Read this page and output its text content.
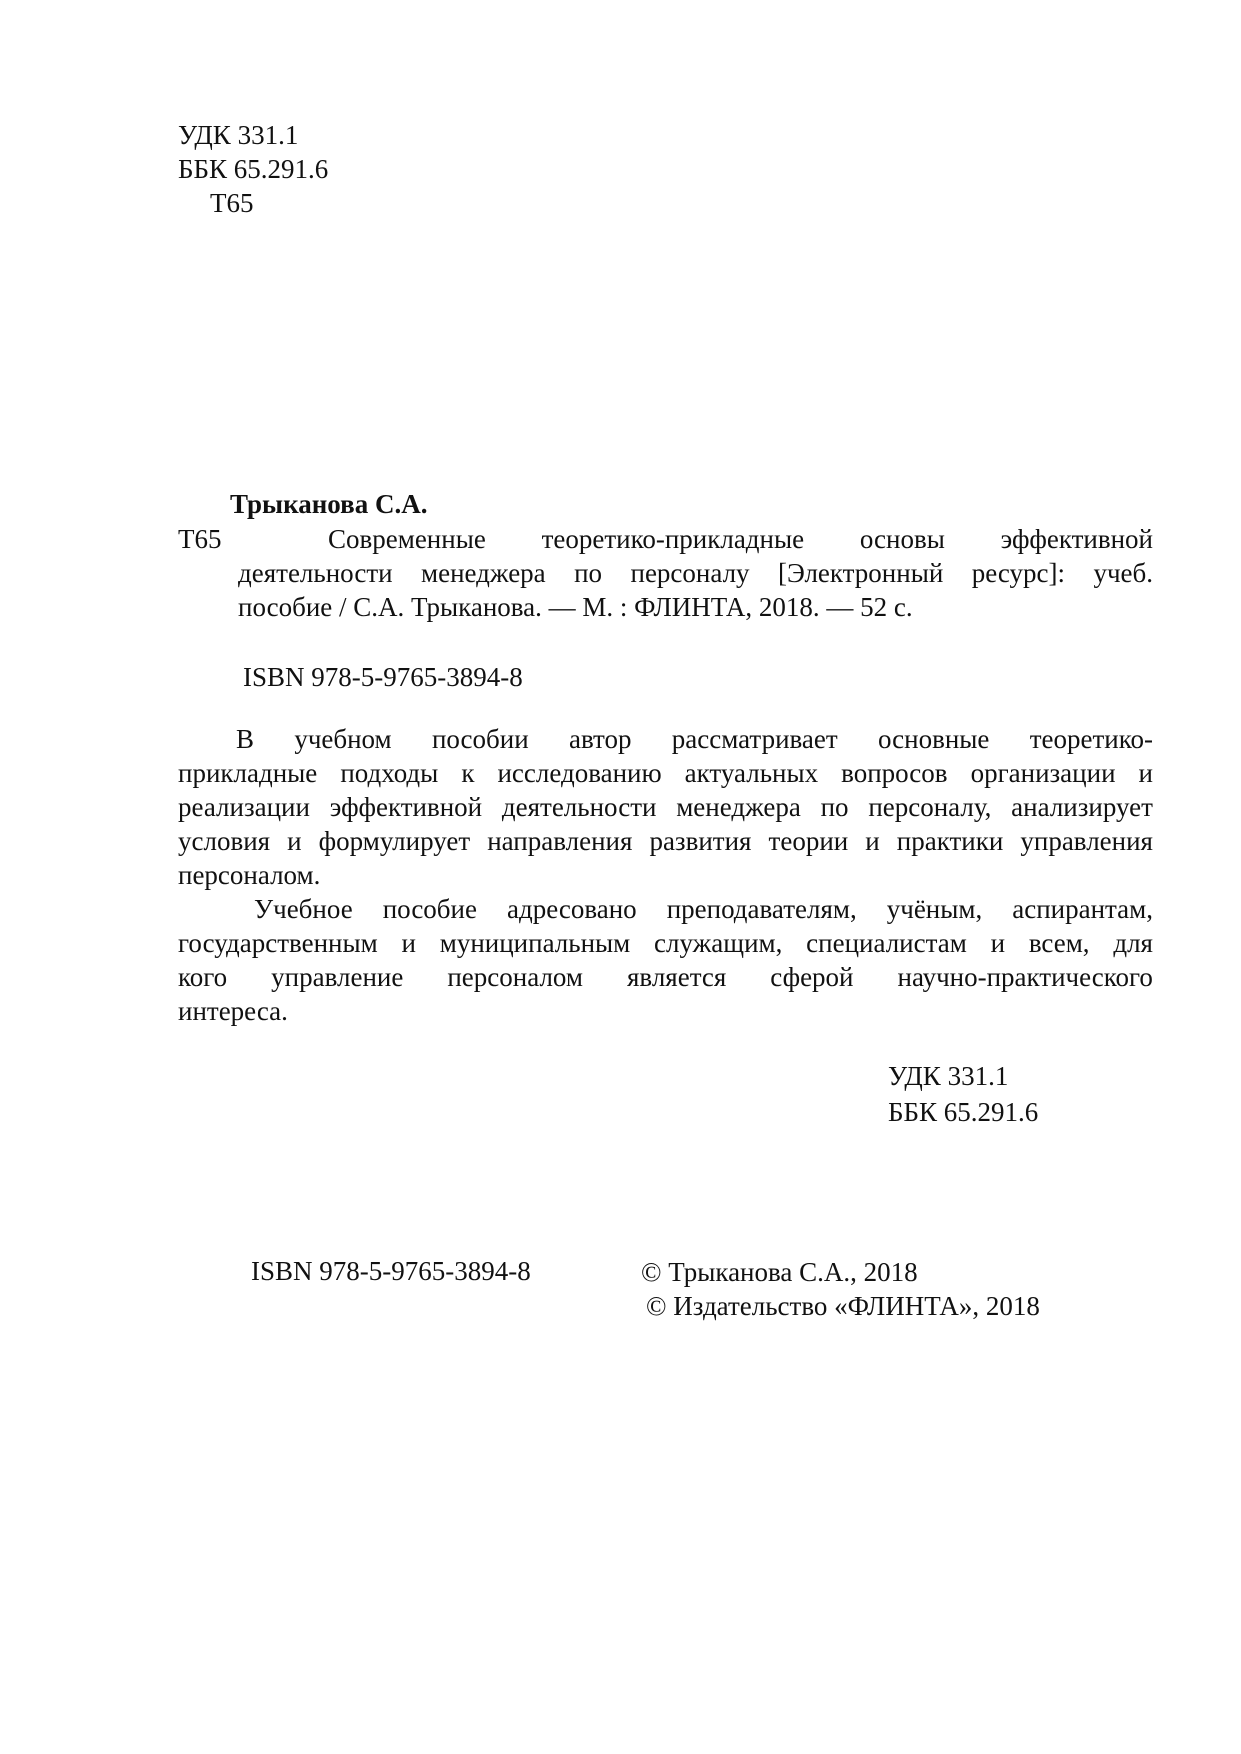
УДК 331.1
ББК 65.291.6
Т65
Трыканова С.А.
Т65	Современные теоретико-прикладные основы эффективной
деятельности менеджера по персоналу [Электронный ресурс]: учеб.
пособие / С.А. Трыканова. — М. : ФЛИНТА, 2018. — 52 с.
ISBN 978-5-9765-3894-8
В учебном пособии автор рассматривает основные теоретико-
прикладные подходы к исследованию актуальных вопросов организации и
реализации эффективной деятельности менеджера по персоналу, анализирует
условия и формулирует направления развития теории и практики управления
персоналом.
Учебное пособие адресовано преподавателям, учёным, аспирантам,
государственным и муниципальным служащим, специалистам и всем, для
кого управление персоналом является сферой научно-практического
интереса.
УДК 331.1
ББК 65.291.6
ISBN 978-5-9765-3894-8	© Трыканова С.А., 2018
© Издательство «ФЛИНТА», 2018
